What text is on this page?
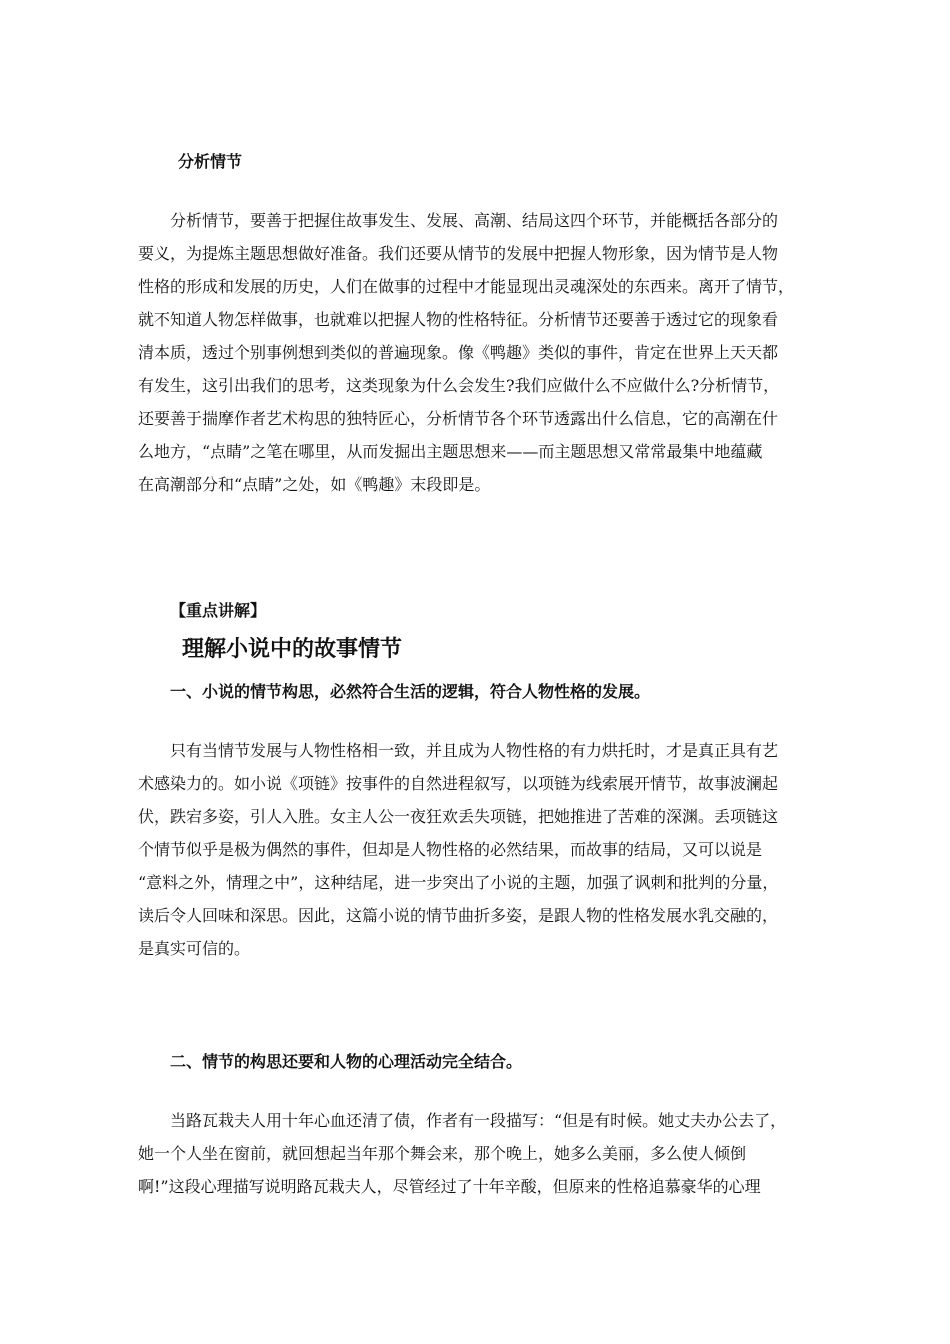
分析情节
　　分析情节，要善于把握住故事发生、发展、高潮、结局这四个环节，并能概括各部分的
要义，为提炼主题思想做好准备。我们还要从情节的发展中把握人物形象，因为情节是人物
性格的形成和发展的历史，人们在做事的过程中才能显现出灵魂深处的东西来。离开了情节，
就不知道人物怎样做事，也就难以把握人物的性格特征。分析情节还要善于透过它的现象看
清本质，透过个别事例想到类似的普遍现象。像《鸭趣》类似的事件，肯定在世界上天天都
有发生，这引出我们的思考，这类现象为什么会发生?我们应做什么不应做什么?分析情节，
还要善于揣摩作者艺术构思的独特匠心，分析情节各个环节透露出什么信息，它的高潮在什
么地方，“点睛”之笔在哪里，从而发掘出主题思想来——而主题思想又常常最集中地蕴藏
在高潮部分和“点睛”之处，如《鸭趣》末段即是。
【重点讲解】
理解小说中的故事情节
一、小说的情节构思，必然符合生活的逻辑，符合人物性格的发展。
　　只有当情节发展与人物性格相一致，并且成为人物性格的有力烘托时，才是真正具有艺
术感染力的。如小说《项链》按事件的自然进程叙写，以项链为线索展开情节，故事波澜起
伏，跌宕多姿，引人入胜。女主人公一夜狂欢丢失项链，把她推进了苦难的深渊。丢项链这
个情节似乎是极为偶然的事件，但却是人物性格的必然结果，而故事的结局，又可以说是
“意料之外，情理之中”，这种结尾，进一步突出了小说的主题，加强了讽刺和批判的分量，
读后令人回味和深思。因此，这篇小说的情节曲折多姿，是跟人物的性格发展水乳交融的，
是真实可信的。
二、情节的构思还要和人物的心理活动完全结合。
　　当路瓦栽夫人用十年心血还清了债，作者有一段描写：“但是有时候。她丈夫办公去了，
她一个人坐在窗前，就回想起当年那个舞会来，那个晚上，她多么美丽，多么使人倾倒
啊!”这段心理描写说明路瓦栽夫人，尽管经过了十年辛酸，但原来的性格追慕豪华的心理
